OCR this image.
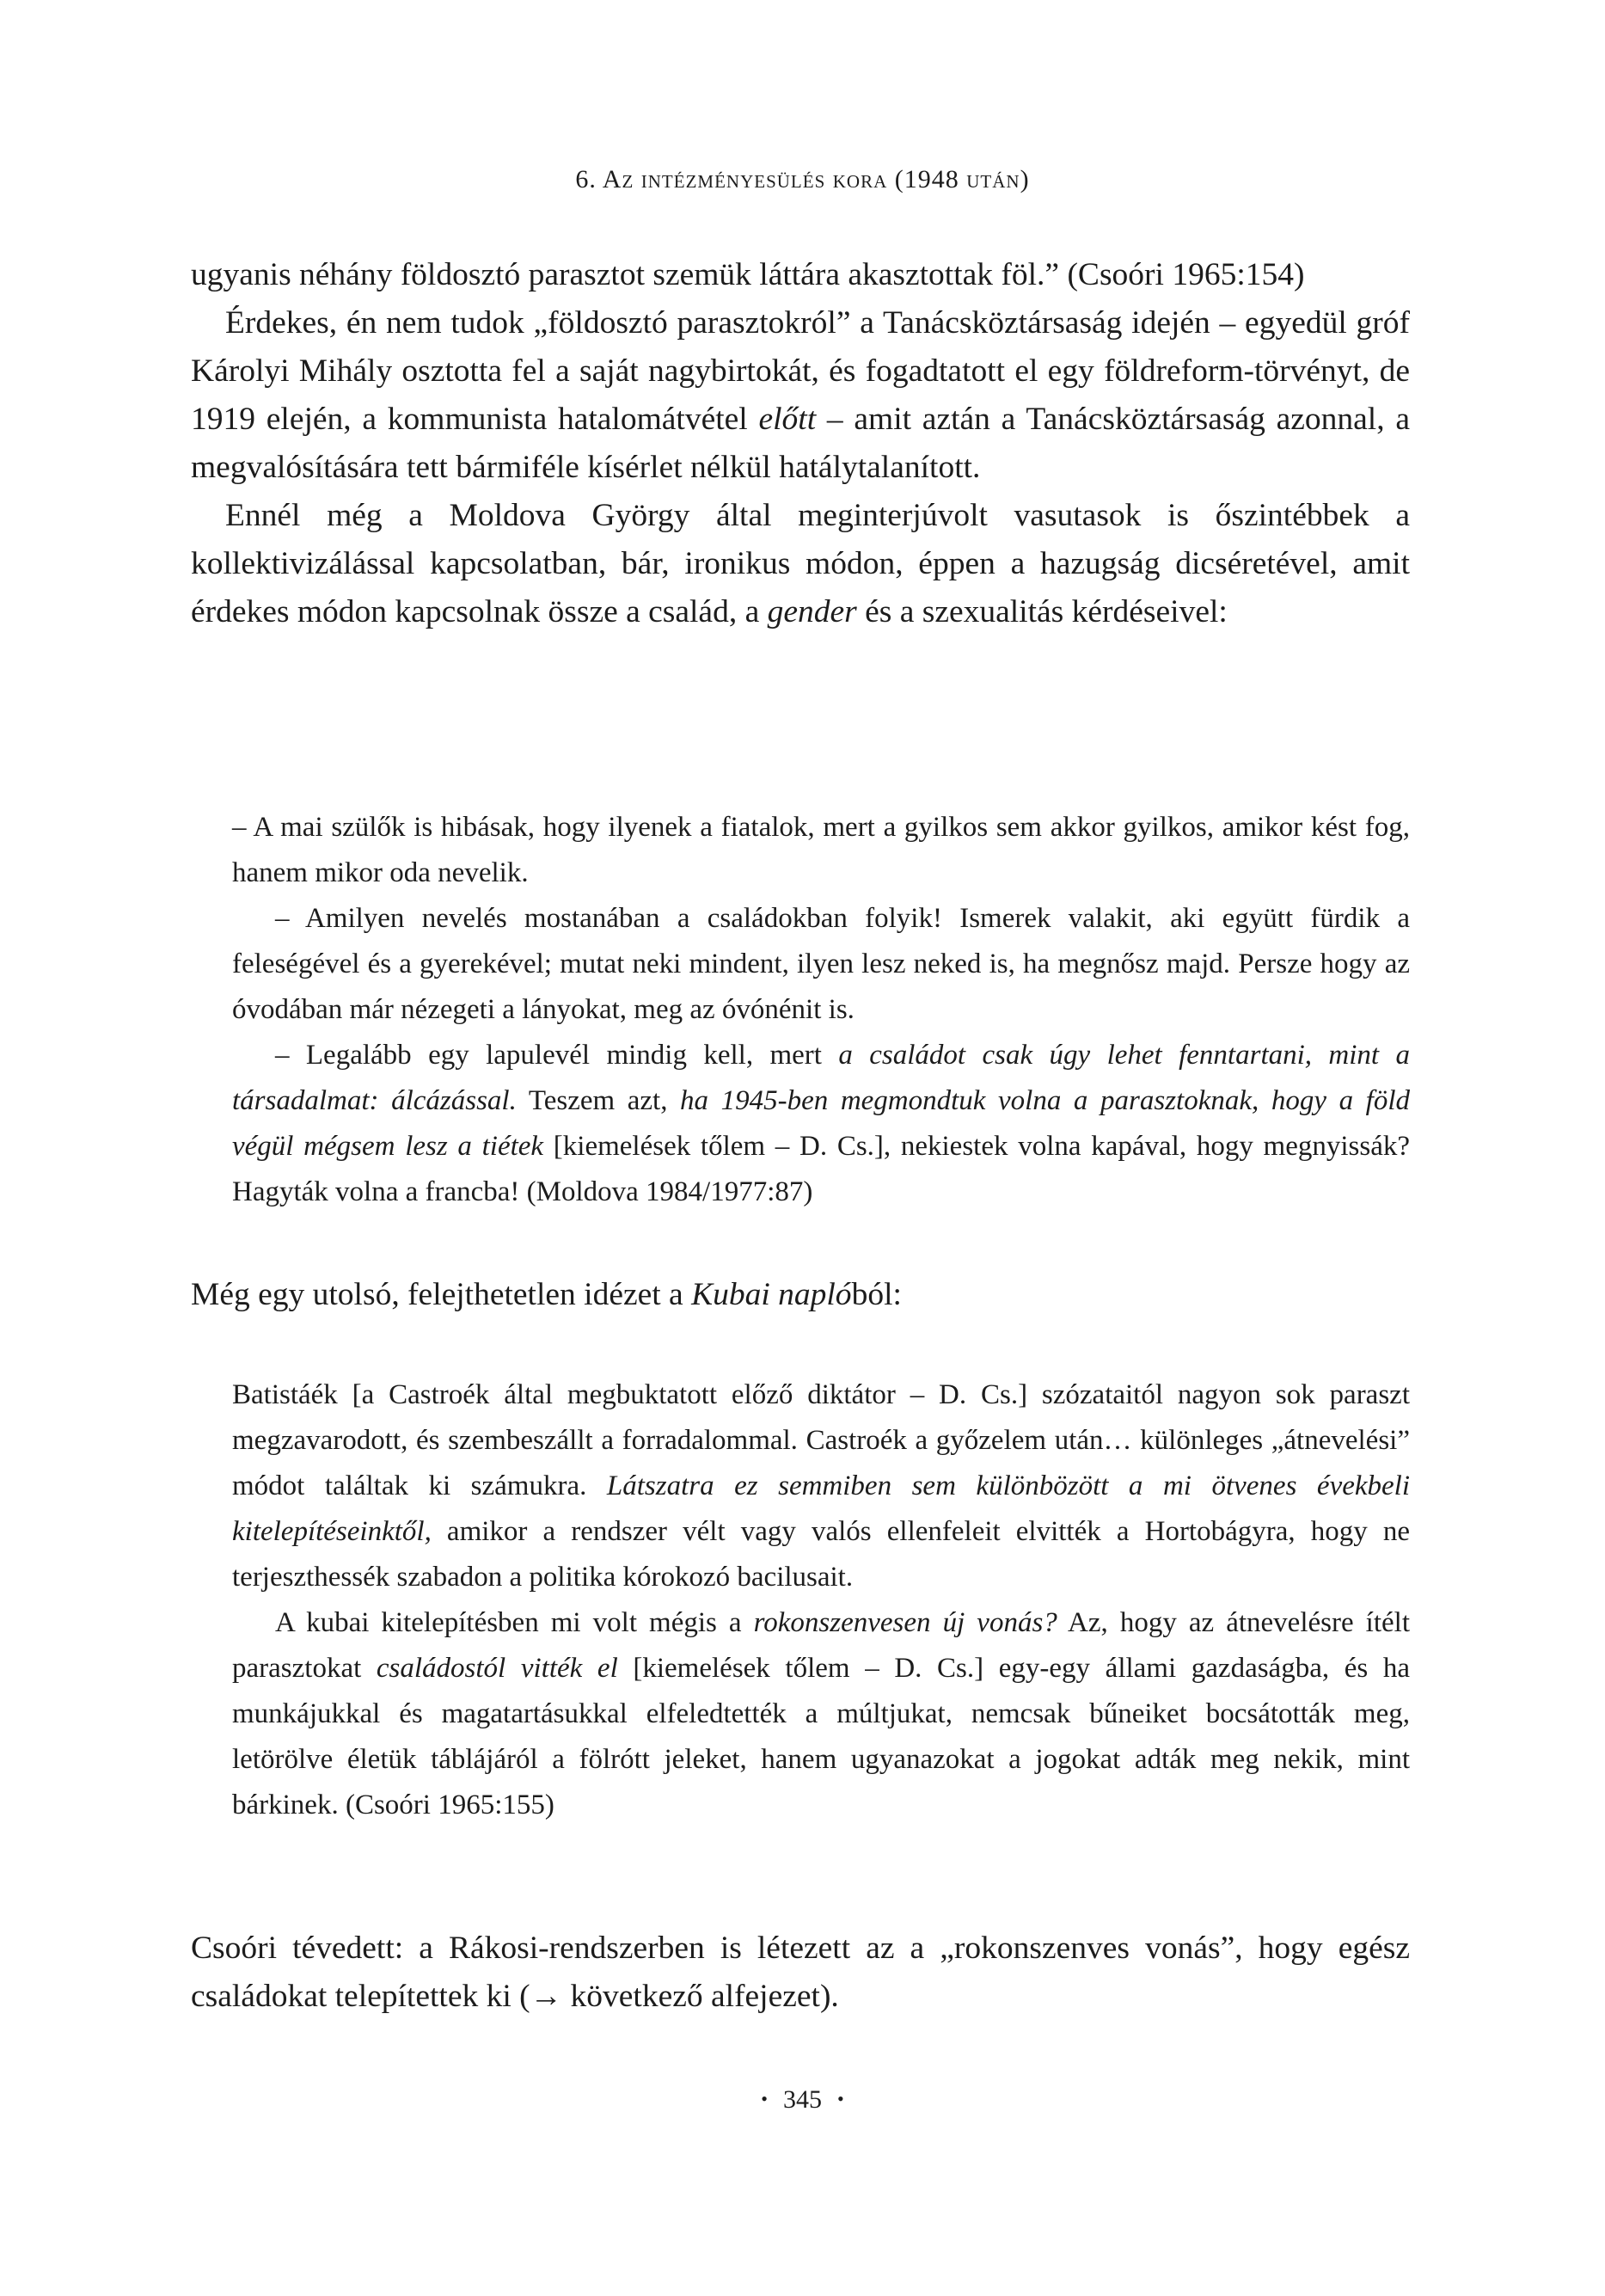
6. Az intézményesülés kora (1948 után)

ugyanis néhány földosztó parasztot szemük láttára akasztottak föl.” (Csoóri 1965:154)

Érdekes, én nem tudok „földosztó parasztokról” a Tanácsköztársaság idején – egyedül gróf Károlyi Mihály osztotta fel a saját nagybirtokát, és fogadtatott el egy földreform-törvényt, de 1919 elején, a kommunista hatalomátvétel előtt – amit aztán a Tanácsköztársaság azonnal, a megvalósítására tett bármiféle kísérlet nélkül hatálytalanított.

Ennél még a Moldova György által meginterjúvolt vasutasok is őszintébbek a kollektivizálással kapcsolatban, bár, ironikus módon, éppen a hazugság dicséretével, amit érdekes módon kapcsolnak össze a család, a gender és a szexualitás kérdéseivel:

– A mai szülők is hibásak, hogy ilyenek a fiatalok, mert a gyilkos sem akkor gyilkos, amikor kést fog, hanem mikor oda nevelik.

– Amilyen nevelés mostanában a családokban folyik! Ismerek valakit, aki együtt fürdik a feleségével és a gyerekével; mutat neki mindent, ilyen lesz neked is, ha megnősz majd. Persze hogy az óvodában már nézegeti a lányokat, meg az óvónénit is.

– Legalább egy lapulevél mindig kell, mert a családot csak úgy lehet fenntartani, mint a társadalmat: álcázással. Teszem azt, ha 1945-ben megmondtuk volna a parasztoknak, hogy a föld végül mégsem lesz a tiétek [kiemelések tőlem – D. Cs.], nekiestek volna kapával, hogy megnyissák? Hagyták volna a francba! (Moldova 1984/1977:87)

Még egy utolsó, felejthetetlen idézet a Kubai naplóból:

Batistáék [a Castroék által megbuktatott előző diktátor – D. Cs.] szózataitól nagyon sok paraszt megzavarodott, és szembeszállt a forradalommal. Castroék a győzelem után… különleges „átnevelési” módot találtak ki számukra. Látszatra ez semmiben sem különbözött a mi ötvenes évekbeli kitelepítéseinktől, amikor a rendszer vélt vagy valós ellenfeleit elvitték a Hortobágyra, hogy ne terjeszthessék szabadon a politika kórokozó bacilusait.

A kubai kitelepítésben mi volt mégis a rokonszenvesen új vonás? Az, hogy az átnevelésre ítélt parasztokat családostól vitték el [kiemelések tőlem – D. Cs.] egy-egy állami gazdaságba, és ha munkájukkal és magatartásukkal elfeledtették a múltjukat, nemcsak bűneiket bocsátották meg, letörölve életük táblájáról a fölrótt jeleket, hanem ugyanazokat a jogokat adták meg nekik, mint bárkinek. (Csoóri 1965:155)

Csoóri tévedett: a Rákosi-rendszerben is létezett az a „rokonszenves vonás”, hogy egész családokat telepítettek ki (→ következő alfejezet).

• 345 •
